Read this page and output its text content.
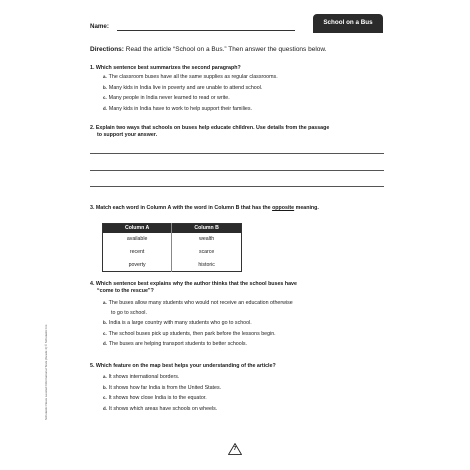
Name:
School on a Bus
Directions: Read the article “School on a Bus.” Then answer the questions below.
1. Which sentence best summarizes the second paragraph?
a. The classroom buses have all the same supplies as regular classrooms.
b. Many kids in India live in poverty and are unable to attend school.
c. Many people in India never learned to read or write.
d. Many kids in India have to work to help support their families.
2. Explain two ways that schools on buses help educate children. Use details from the passage
to support your answer.
3. Match each word in Column A with the word in Column B that has the opposite meaning.
Column A	Column B
available	wealth
recent	scarce
poverty	historic
4. Which sentence best explains why the author thinks that the school buses have
“come to the rescue”?
a. The buses allow many students who would not receive an education otherwise
to go to school.
b. India is a large country with many students who go to school.
c. The school buses pick up students, then park before the lessons begin.
d. The buses are helping transport students to better schools.
5. Which feature on the map best helps your understanding of the article?
a. It shows international borders.
b. It shows how far India is from the United States.
c. It shows how close India is to the equator.
d. It shows which areas have schools on wheels.
Scholastic News Leveled Informational Texts (Grade 4) © Scholastic Inc.
7
